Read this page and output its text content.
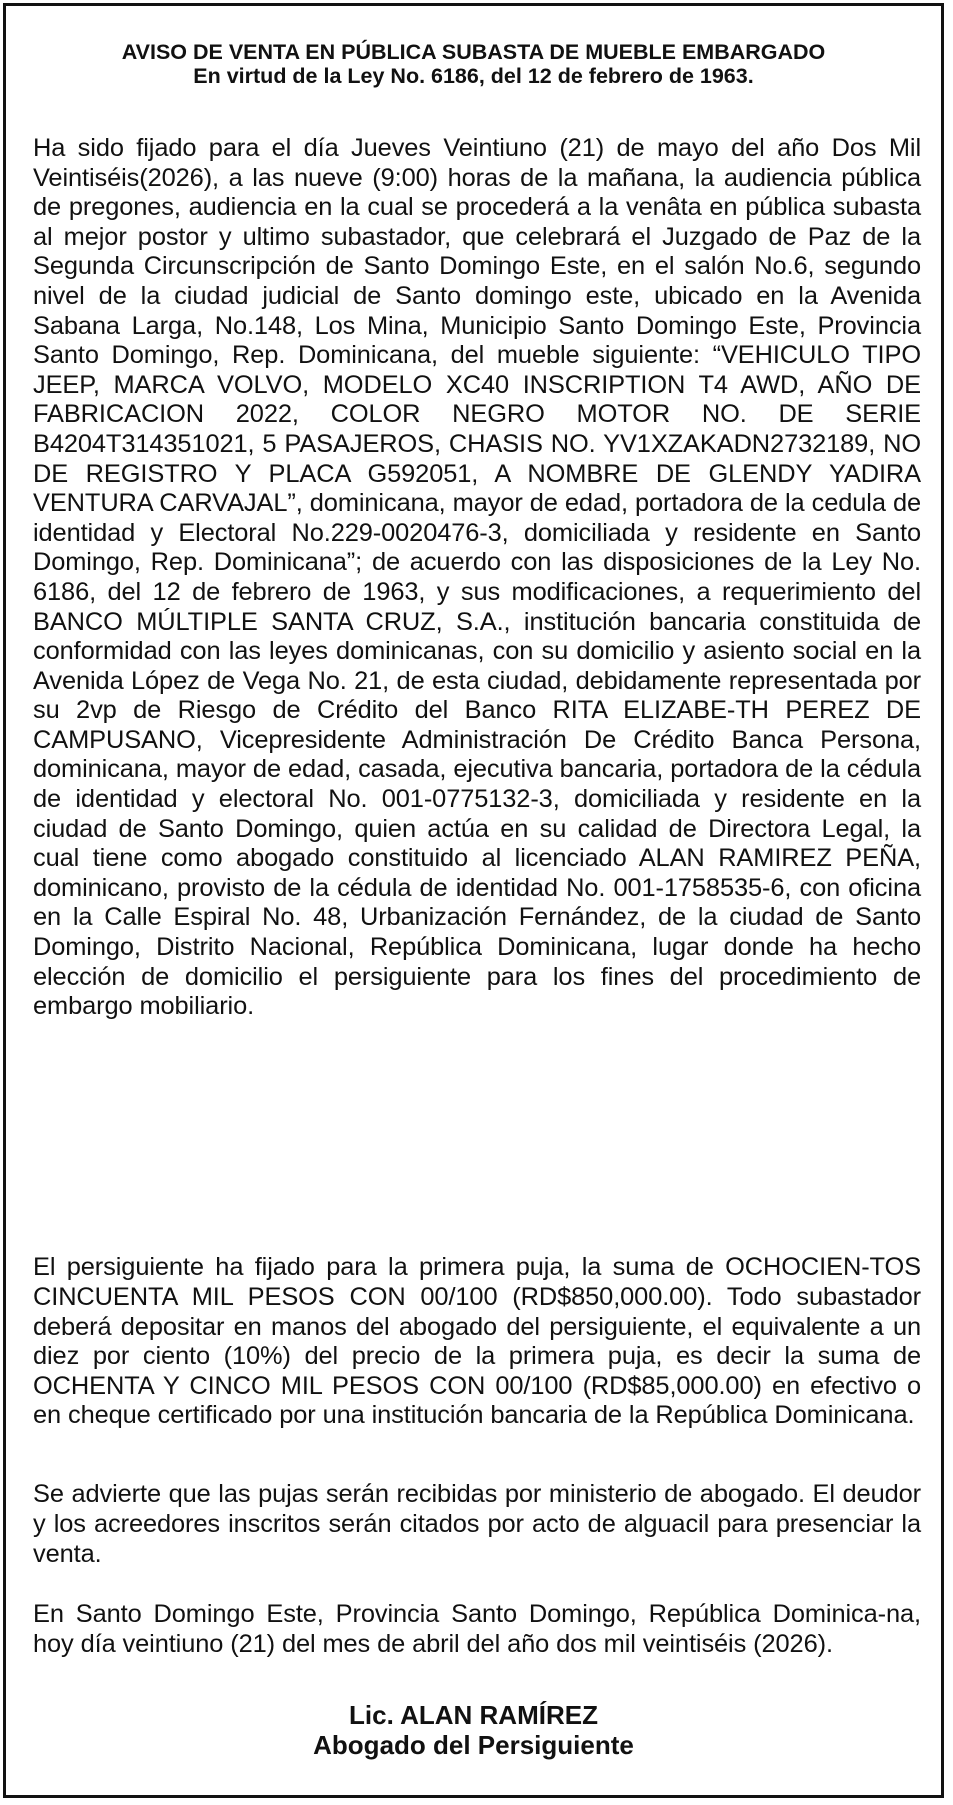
AVISO DE VENTA EN PÚBLICA SUBASTA DE MUEBLE EMBARGADO
En virtud de la Ley No. 6186, del 12 de febrero de 1963.

Ha sido fijado para el día Jueves Veintiuno (21) de mayo del año Dos Mil Veintiséis(2026), a las nueve (9:00) horas de la mañana, la audiencia pública de pregones, audiencia en la cual se procederá a la venâta en pública subasta al mejor postor y ultimo subastador, que celebrará el Juzgado de Paz de la Segunda Circunscripción de Santo Domingo Este, en el salón No.6, segundo nivel de la ciudad judicial de Santo domingo este, ubicado en la Avenida Sabana Larga, No.148, Los Mina, Municipio Santo Domingo Este, Provincia Santo Domingo, Rep. Dominicana, del mueble siguiente: “VEHICULO TIPO JEEP, MARCA VOLVO, MODELO XC40 INSCRIPTION T4 AWD, AÑO DE FABRICACION 2022, COLOR NEGRO MOTOR NO. DE SERIE B4204T314351021, 5 PASAJEROS, CHASIS NO. YV1XZAKADN2732189, NO DE REGISTRO Y PLACA G592051, A NOMBRE DE GLENDY YADIRA VENTURA CARVAJAL”, dominicana, mayor de edad, portadora de la cedula de identidad y Electoral No.229-0020476-3, domiciliada y residente en Santo Domingo, Rep. Dominicana”; de acuerdo con las disposiciones de la Ley No. 6186, del 12 de febrero de 1963, y sus modificaciones, a requerimiento del BANCO MÚLTIPLE SANTA CRUZ, S.A., institución bancaria constituida de conformidad con las leyes dominicanas, con su domicilio y asiento social en la Avenida López de Vega No. 21, de esta ciudad, debidamente representada por su 2vp de Riesgo de Crédito del Banco RITA ELIZABE-TH PEREZ DE CAMPUSANO, Vicepresidente Administración De Crédito Banca Persona, dominicana, mayor de edad, casada, ejecutiva bancaria, portadora de la cédula de identidad y electoral No. 001-0775132-3, domiciliada y residente en la ciudad de Santo Domingo, quien actúa en su calidad de Directora Legal, la cual tiene como abogado constituido al licenciado ALAN RAMIREZ PEÑA, dominicano, provisto de la cédula de identidad No. 001-1758535-6, con oficina en la Calle Espiral No. 48, Urbanización Fernández, de la ciudad de Santo Domingo, Distrito Nacional, República Dominicana, lugar donde ha hecho elección de domicilio el persiguiente para los fines del procedimiento de embargo mobiliario.

El persiguiente ha fijado para la primera puja, la suma de OCHOCIEN-TOS CINCUENTA MIL PESOS CON 00/100 (RD$850,000.00). Todo subastador deberá depositar en manos del abogado del persiguiente, el equivalente a un diez por ciento (10%) del precio de la primera puja, es decir la suma de OCHENTA Y CINCO MIL PESOS CON 00/100 (RD$85,000.00) en efectivo o en cheque certificado por una institución bancaria de la República Dominicana.

Se advierte que las pujas serán recibidas por ministerio de abogado. El deudor y los acreedores inscritos serán citados por acto de alguacil para presenciar la venta.

En Santo Domingo Este, Provincia Santo Domingo, República Dominica-na, hoy día veintiuno (21) del mes de abril del año dos mil veintiséis (2026).

Lic. ALAN RAMÍREZ
Abogado del Persiguiente
